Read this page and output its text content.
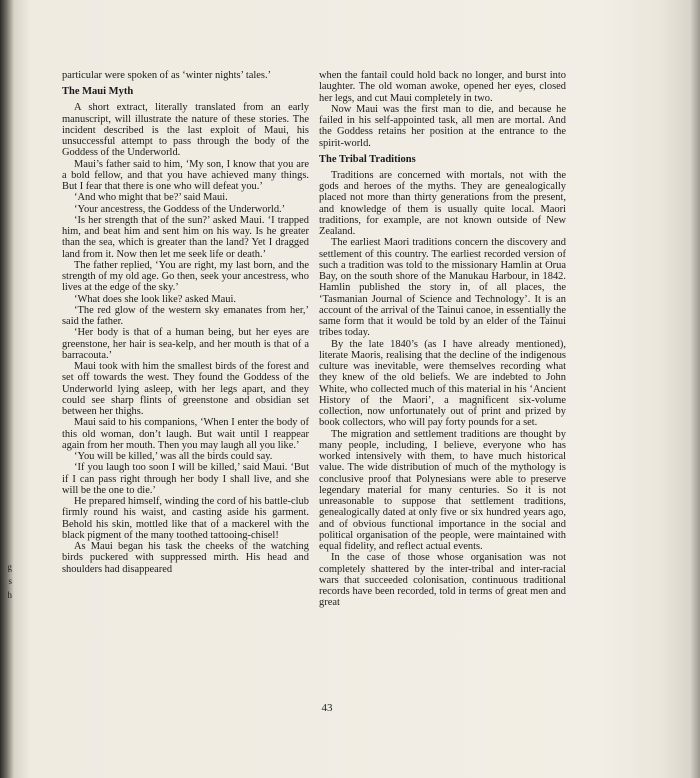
g
s
h

particular were spoken of as ‘winter nights’ tales.’

The Maui Myth

A short extract, literally translated from an early manuscript, will illustrate the nature of these stories. The incident described is the last exploit of Maui, his unsuccessful attempt to pass through the body of the Goddess of the Underworld.

Maui’s father said to him, ‘My son, I know that you are a bold fellow, and that you have achieved many things. But I fear that there is one who will defeat you.’

‘And who might that be?’ said Maui.

‘Your ancestress, the Goddess of the Underworld.’

‘Is her strength that of the sun?’ asked Maui. ‘I trapped him, and beat him and sent him on his way. Is he greater than the sea, which is greater than the land? Yet I dragged land from it. Now then let me seek life or death.’

The father replied, ‘You are right, my last born, and the strength of my old age. Go then, seek your ancestress, who lives at the edge of the sky.’

‘What does she look like? asked Maui.

‘The red glow of the western sky emanates from her,’ said the father.

‘Her body is that of a human being, but her eyes are greenstone, her hair is sea-kelp, and her mouth is that of a barracouta.’

Maui took with him the smallest birds of the forest and set off towards the west. They found the Goddess of the Underworld lying asleep, with her legs apart, and they could see sharp flints of greenstone and obsidian set between her thighs.

Maui said to his companions, ‘When I enter the body of this old woman, don’t laugh. But wait until I reappear again from her mouth. Then you may laugh all you like.’

‘You will be killed,’ was all the birds could say.

‘If you laugh too soon I will be killed,’ said Maui. ‘But if I can pass right through her body I shall live, and she will be the one to die.’

He prepared himself, winding the cord of his battle-club firmly round his waist, and casting aside his garment. Behold his skin, mottled like that of a mackerel with the black pigment of the many toothed tattooing-chisel!

As Maui began his task the cheeks of the watching birds puckered with suppressed mirth. His head and shoulders had disappeared

when the fantail could hold back no longer, and burst into laughter. The old woman awoke, opened her eyes, closed her legs, and cut Maui completely in two.

Now Maui was the first man to die, and because he failed in his self-appointed task, all men are mortal. And the Goddess retains her position at the entrance to the spirit-world.

The Tribal Traditions

Traditions are concerned with mortals, not with the gods and heroes of the myths. They are genealogically placed not more than thirty generations from the present, and knowledge of them is usually quite local. Maori traditions, for example, are not known outside of New Zealand.

The earliest Maori traditions concern the discovery and settlement of this country. The earliest recorded version of such a tradition was told to the missionary Hamlin at Orua Bay, on the south shore of the Manukau Harbour, in 1842. Hamlin published the story in, of all places, the ‘Tasmanian Journal of Science and Technology’. It is an account of the arrival of the Tainui canoe, in essentially the same form that it would be told by an elder of the Tainui tribes today.

By the late 1840’s (as I have already mentioned), literate Maoris, realising that the decline of the indigenous culture was inevitable, were themselves recording what they knew of the old beliefs. We are indebted to John White, who collected much of this material in his ‘Ancient History of the Maori’, a magnificent six-volume collection, now unfortunately out of print and prized by book collectors, who will pay forty pounds for a set.

The migration and settlement traditions are thought by many people, including, I believe, everyone who has worked intensively with them, to have much historical value. The wide distribution of much of the mythology is conclusive proof that Polynesians were able to preserve legendary material for many centuries. So it is not unreasonable to suppose that settlement traditions, genealogically dated at only five or six hundred years ago, and of obvious functional importance in the social and political organisation of the people, were maintained with equal fidelity, and reflect actual events.

In the case of those whose organisation was not completely shattered by the inter-tribal and inter-racial wars that succeeded colonisation, continuous traditional records have been recorded, told in terms of great men and great

43
